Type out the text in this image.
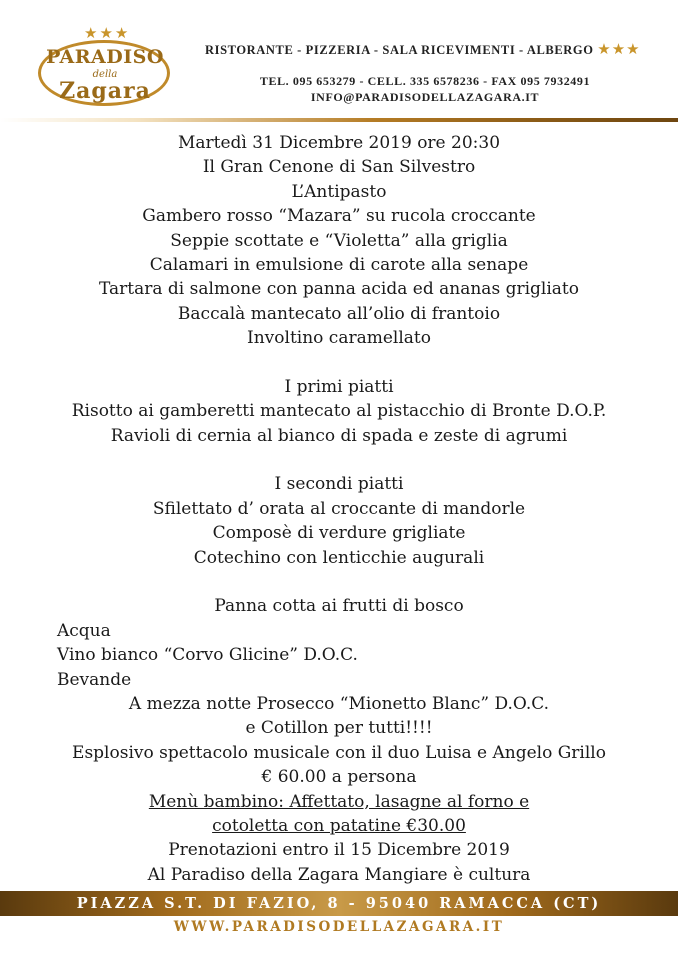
★★★
PARADISO
della
Zagara
RISTORANTE - PIZZERIA - SALA RICEVIMENTI - ALBERGO ★★★
TEL. 095 653279 - CELL. 335 6578236 - FAX 095 7932491
INFO@PARADISODELLAZAGARA.IT
Martedì 31 Dicembre 2019 ore 20:30
Il Gran Cenone di San Silvestro
L’Antipasto
Gambero rosso “Mazara” su rucola croccante
Seppie scottate e “Violetta” alla griglia
Calamari in emulsione di carote alla senape
Tartara di salmone con panna acida ed ananas grigliato
Baccalà mantecato all’olio di frantoio
Involtino caramellato
I primi piatti
Risotto ai gamberetti mantecato al pistacchio di Bronte D.O.P.
Ravioli di cernia al bianco di spada e zeste di agrumi
I secondi piatti
Sfilettato d’ orata al croccante di mandorle
Composè di verdure grigliate
Cotechino con lenticchie augurali
Panna cotta ai frutti di bosco
Acqua
Vino bianco “Corvo Glicine” D.O.C.
Bevande
A mezza notte Prosecco “Mionetto Blanc” D.O.C.
e Cotillon per tutti!!!!
Esplosivo spettacolo musicale con il duo Luisa e Angelo Grillo
€ 60.00 a persona
Menù bambino: Affettato, lasagne al forno e
cotoletta con patatine €30.00
Prenotazioni entro il 15 Dicembre 2019
Al Paradiso della Zagara Mangiare è cultura
PIAZZA S.T. DI FAZIO, 8 - 95040 RAMACCA (CT)
WWW.PARADISODELLAZAGARA.IT
